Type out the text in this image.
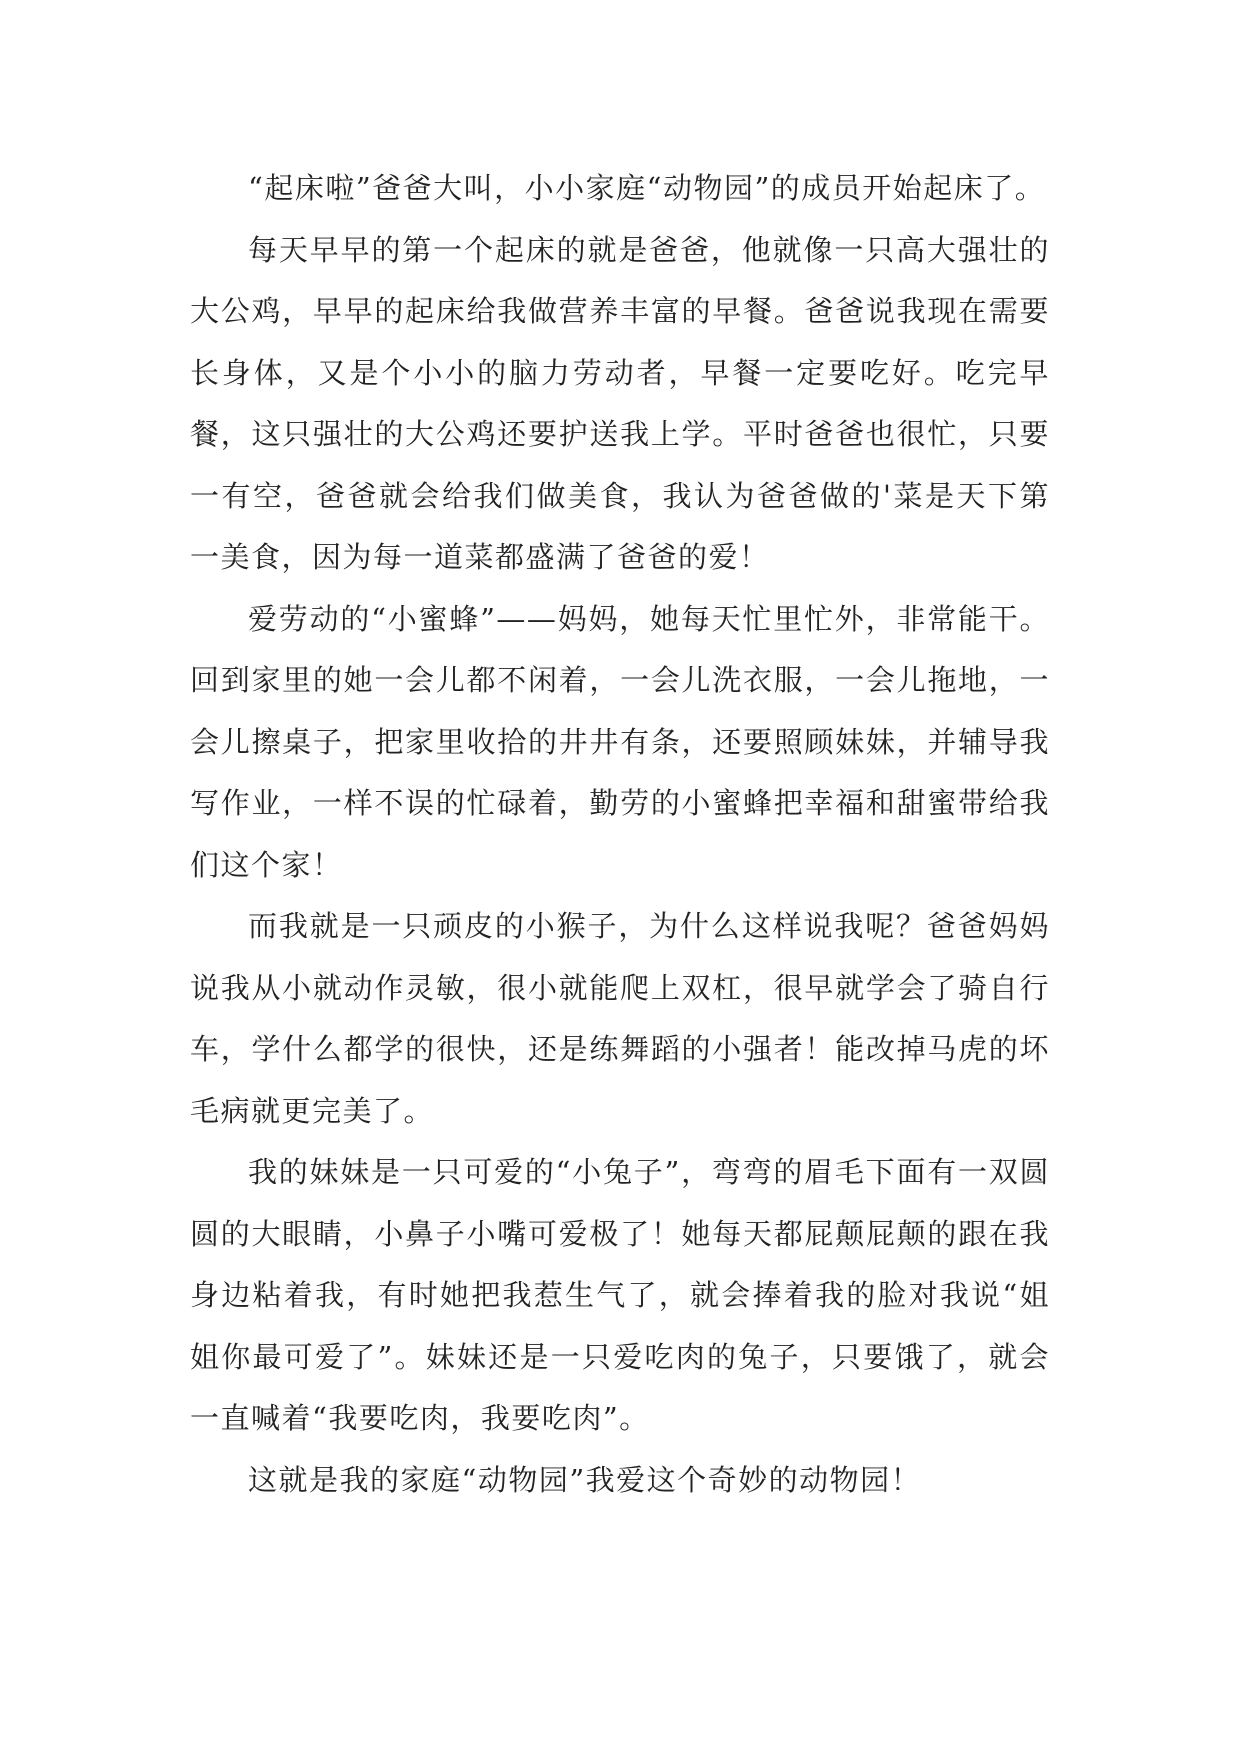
“起床啦”爸爸大叫，小小家庭“动物园”的成员开始起床了。

每天早早的第一个起床的就是爸爸，他就像一只高大强壮的大公鸡，早早的起床给我做营养丰富的早餐。爸爸说我现在需要长身体，又是个小小的脑力劳动者，早餐一定要吃好。吃完早餐，这只强壮的大公鸡还要护送我上学。平时爸爸也很忙，只要一有空，爸爸就会给我们做美食，我认为爸爸做的'菜是天下第一美食，因为每一道菜都盛满了爸爸的爱！

爱劳动的“小蜜蜂”——妈妈，她每天忙里忙外，非常能干。回到家里的她一会儿都不闲着，一会儿洗衣服，一会儿拖地，一会儿擦桌子，把家里收拾的井井有条，还要照顾妹妹，并辅导我写作业，一样不误的忙碌着，勤劳的小蜜蜂把幸福和甜蜜带给我们这个家！

而我就是一只顽皮的小猴子，为什么这样说我呢？爸爸妈妈说我从小就动作灵敏，很小就能爬上双杠，很早就学会了骑自行车，学什么都学的很快，还是练舞蹈的小强者！能改掉马虎的坏毛病就更完美了。

我的妹妹是一只可爱的“小兔子”，弯弯的眉毛下面有一双圆圆的大眼睛，小鼻子小嘴可爱极了！她每天都屁颠屁颠的跟在我身边粘着我，有时她把我惹生气了，就会捧着我的脸对我说“姐姐你最可爱了”。妹妹还是一只爱吃肉的兔子，只要饿了，就会一直喊着“我要吃肉，我要吃肉”。

这就是我的家庭“动物园”我爱这个奇妙的动物园！
